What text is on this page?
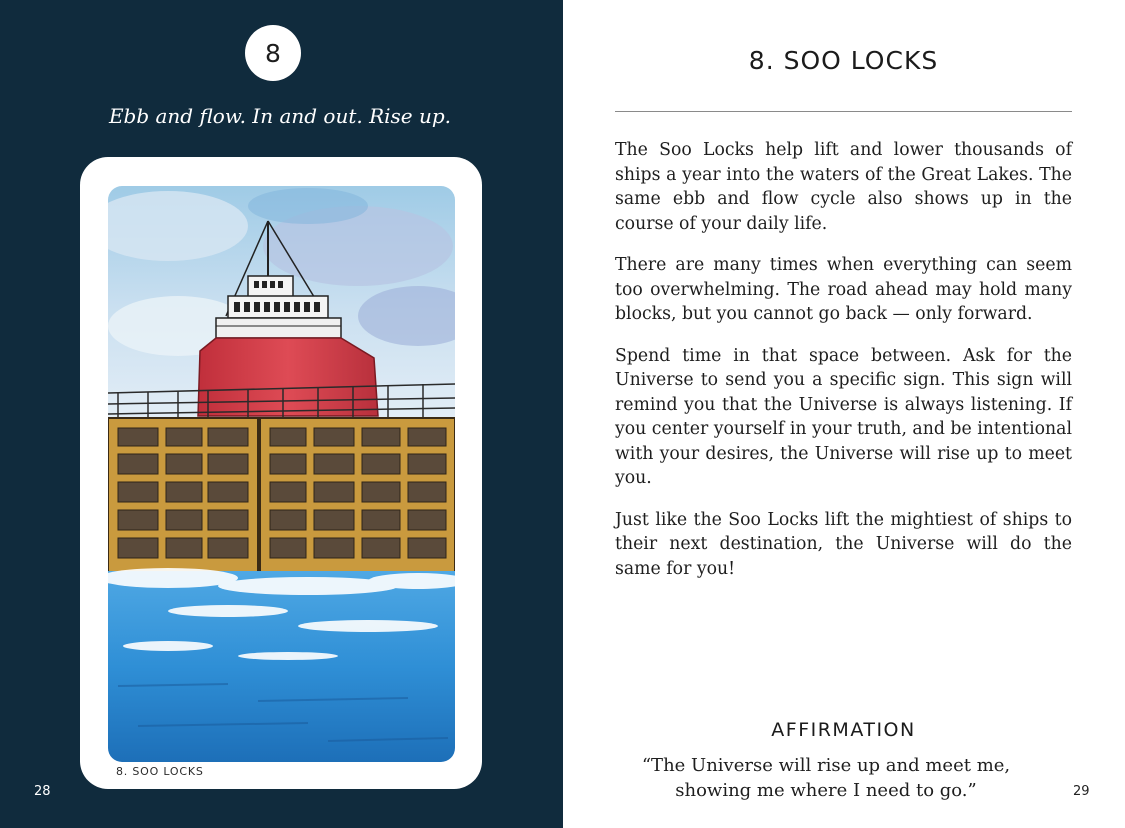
8
Ebb and flow. In and out. Rise up.
8. SOO LOCKS
28
8. SOO LOCKS

The Soo Locks help lift and lower thousands of ships a year into the waters of the Great Lakes. The same ebb and flow cycle also shows up in the course of your daily life.

There are many times when everything can seem too overwhelming. The road ahead may hold many blocks, but you cannot go back — only forward.

Spend time in that space between. Ask for the Universe to send you a specific sign. This sign will remind you that the Universe is always listening. If you center yourself in your truth, and be intentional with your desires, the Universe will rise up to meet you.

Just like the Soo Locks lift the mightiest of ships to their next destination, the Universe will do the same for you!

AFFIRMATION
“The Universe will rise up and meet me,
showing me where I need to go.”	29
